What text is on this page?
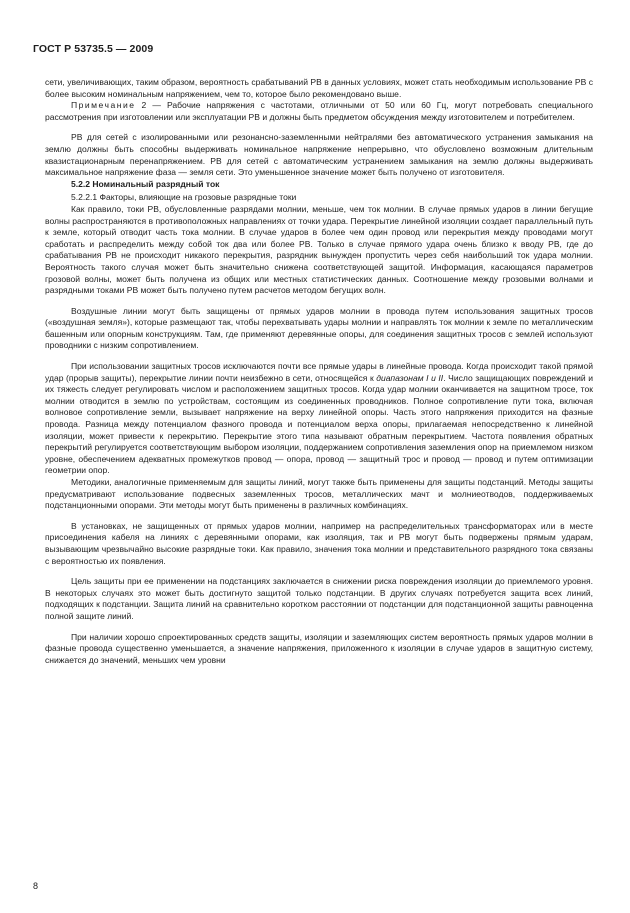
ГОСТ Р 53735.5 — 2009

сети, увеличивающих, таким образом, вероятность срабатываний РВ в данных условиях, может стать необходимым использование РВ с более высоким номинальным напряжением, чем то, которое было рекомендовано выше.

Примечание 2 — Рабочие напряжения с частотами, отличными от 50 или 60 Гц, могут потребовать специального рассмотрения при изготовлении или эксплуатации РВ и должны быть предметом обсуждения между изготовителем и потребителем.

РВ для сетей с изолированными или резонансно-заземленными нейтралями без автоматического устранения замыкания на землю должны быть способны выдерживать номинальное напряжение непрерывно, что обусловлено возможным длительным квазистационарным перенапряжением. РВ для сетей с автоматическим устранением замыкания на землю должны выдерживать максимальное напряжение фаза — земля сети. Это уменьшенное значение может быть получено от изготовителя.

5.2.2 Номинальный разрядный ток

5.2.2.1 Факторы, влияющие на грозовые разрядные токи

Как правило, токи РВ, обусловленные разрядами молнии, меньше, чем ток молнии. В случае прямых ударов в линии бегущие волны распространяются в противоположных направлениях от точки удара. Перекрытие линейной изоляции создает параллельный путь к земле, который отводит часть тока молнии. В случае ударов в более чем один провод или перекрытия между проводами могут сработать и распределить между собой ток два или более РВ. Только в случае прямого удара очень близко к вводу РВ, где до срабатывания РВ не происходит никакого перекрытия, разрядник вынужден пропустить через себя наибольший ток удара молнии. Вероятность такого случая может быть значительно снижена соответствующей защитой. Информация, касающаяся параметров грозовой волны, может быть получена из общих или местных статистических данных. Соотношение между грозовыми волнами и разрядными токами РВ может быть получено путем расчетов методом бегущих волн.

Воздушные линии могут быть защищены от прямых ударов молнии в провода путем использования защитных тросов («воздушная земля»), которые размещают так, чтобы перехватывать удары молнии и направлять ток молнии к земле по металлическим башенным или опорным конструкциям. Там, где применяют деревянные опоры, для соединения защитных тросов с землей используют проводники с низким сопротивлением.

При использовании защитных тросов исключаются почти все прямые удары в линейные провода. Когда происходит такой прямой удар (прорыв защиты), перекрытие линии почти неизбежно в сети, относящейся к диапазонам I и II. Число защищающих повреждений и их тяжесть следует регулировать числом и расположением защитных тросов. Когда удар молнии оканчивается на защитном тросе, ток молнии отводится в землю по устройствам, состоящим из соединенных проводников. Полное сопротивление пути тока, включая волновое сопротивление земли, вызывает напряжение на верху линейной опоры. Часть этого напряжения приходится на фазные провода. Разница между потенциалом фазного провода и потенциалом верха опоры, прилагаемая непосредственно к линейной изоляции, может привести к перекрытию. Перекрытие этого типа называют обратным перекрытием. Частота появления обратных перекрытий регулируется соответствующим выбором изоляции, поддержанием сопротивления заземления опор на приемлемом низком уровне, обеспечением адекватных промежутков провод — опора, провод — защитный трос и провод — провод и путем оптимизации геометрии опор.

Методики, аналогичные применяемым для защиты линий, могут также быть применены для защиты подстанций. Методы защиты предусматривают использование подвесных заземленных тросов, металлических мачт и молниеотводов, поддерживаемых подстанционными опорами. Эти методы могут быть применены в различных комбинациях.

В установках, не защищенных от прямых ударов молнии, например на распределительных трансформаторах или в месте присоединения кабеля на линиях с деревянными опорами, как изоляция, так и РВ могут быть подвержены прямым ударам, вызывающим чрезвычайно высокие разрядные токи. Как правило, значения тока молнии и представительного разрядного тока связаны с вероятностью их появления.

Цель защиты при ее применении на подстанциях заключается в снижении риска повреждения изоляции до приемлемого уровня. В некоторых случаях это может быть достигнуто защитой только подстанции. В других случаях потребуется защита всех линий, подходящих к подстанции. Защита линий на сравнительно коротком расстоянии от подстанции для подстанционной защиты равноценна полной защите линий.

При наличии хорошо спроектированных средств защиты, изоляции и заземляющих систем вероятность прямых ударов молнии в фазные провода существенно уменьшается, а значение напряжения, приложенного к изоляции в случае ударов в защитную систему, снижается до значений, меньших чем уровни

8
